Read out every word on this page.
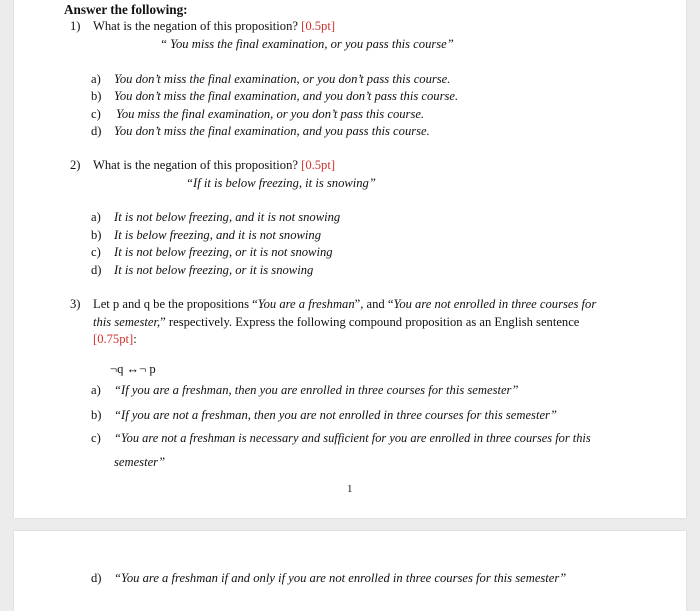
Answer the following:
1) What is the negation of this proposition? [0.5pt]
“ You miss the final examination, or you pass this course”
a) You don’t miss the final examination, or you don’t pass this course.
b) You don’t miss the final examination, and you don’t pass this course.
c) You miss the final examination, or you don’t pass this course.
d) You don’t miss the final examination, and you pass this course.
2) What is the negation of this proposition? [0.5pt]
“If it is below freezing, it is snowing”
a) It is not below freezing, and it is not snowing
b) It is below freezing, and it is not snowing
c) It is not below freezing, or it is not snowing
d) It is not below freezing, or it is snowing
3) Let p and q be the propositions “You are a freshman”, and “You are not enrolled in three courses for
this semester,” respectively. Express the following compound proposition as an English sentence
[0.75pt]:
¬q ↔¬ p
a) “If you are a freshman, then you are enrolled in three courses for this semester”
b) “If you are not a freshman, then you are not enrolled in three courses for this semester”
c) “You are not a freshman is necessary and sufficient for you are enrolled in three courses for this
semester”
1
d) “You are a freshman if and only if you are not enrolled in three courses for this semester”
